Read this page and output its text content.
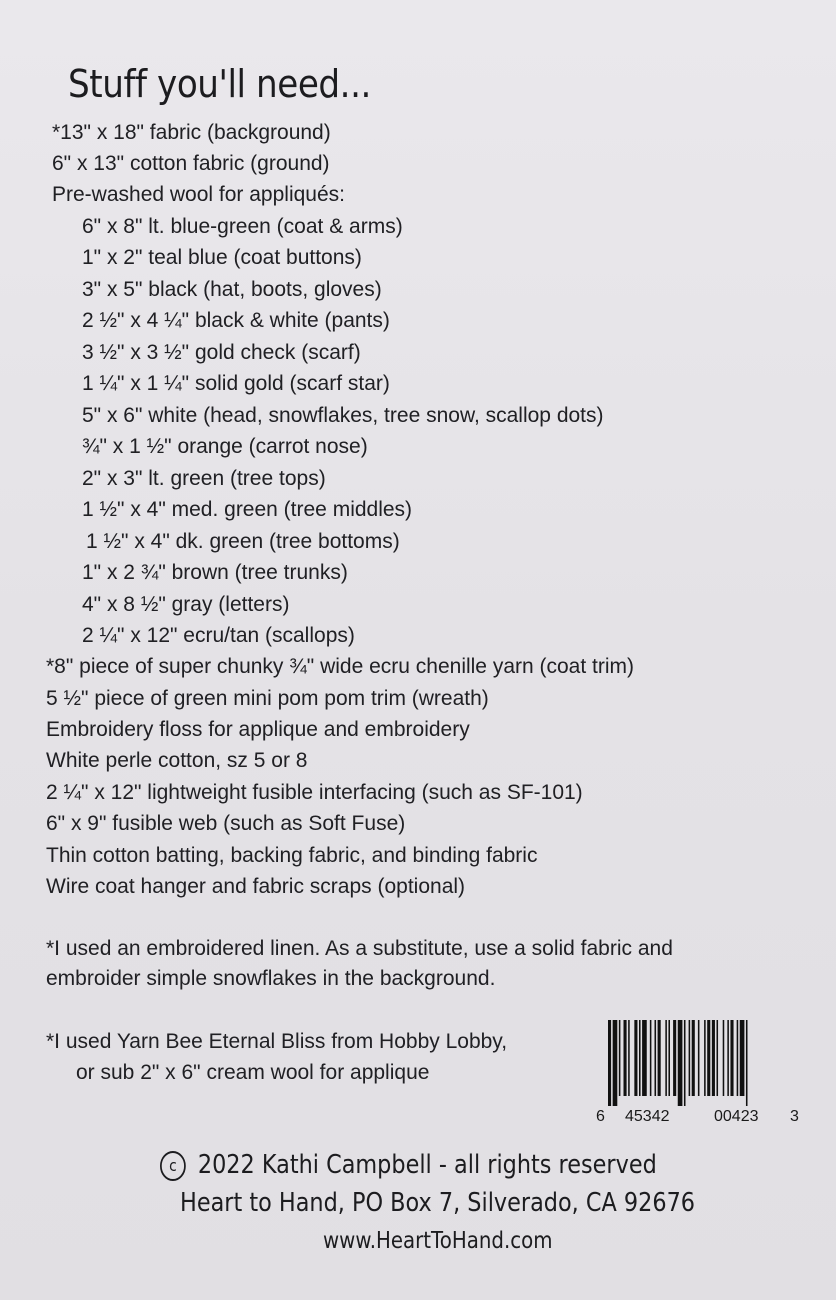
Stuff you'll need...
*13" x 18" fabric (background)
6" x 13" cotton fabric (ground)
Pre-washed wool for appliqués:
6" x 8" lt. blue-green (coat & arms)
1" x 2" teal blue (coat buttons)
3" x 5" black (hat, boots, gloves)
2 ½" x 4 ¼" black & white (pants)
3 ½" x 3 ½" gold check (scarf)
1 ¼" x 1 ¼" solid gold (scarf star)
5" x 6" white (head, snowflakes, tree snow, scallop dots)
¾" x 1 ½" orange (carrot nose)
2" x 3" lt. green (tree tops)
1 ½" x 4" med. green (tree middles)
1 ½" x 4" dk. green (tree bottoms)
1" x 2 ¾" brown (tree trunks)
4" x 8 ½" gray (letters)
2 ¼" x 12" ecru/tan (scallops)
*8" piece of super chunky ¾" wide ecru chenille yarn (coat trim)
5 ½" piece of green mini pom pom trim (wreath)
Embroidery floss for applique and embroidery
White perle cotton, sz 5 or 8
2 ¼" x 12" lightweight fusible interfacing (such as SF-101)
6" x 9" fusible web (such as Soft Fuse)
Thin cotton batting, backing fabric, and binding fabric
Wire coat hanger and fabric scraps (optional)
*I used an embroidered linen. As a substitute, use a solid fabric and
embroider simple snowflakes in the background.
*I used Yarn Bee Eternal Bliss from Hobby Lobby,
or sub 2" x 6" cream wool for applique
6 45342	00423 3
c 2022 Kathi Campbell - all rights reserved
Heart to Hand, PO Box 7, Silverado, CA 92676
www.HeartToHand.com
